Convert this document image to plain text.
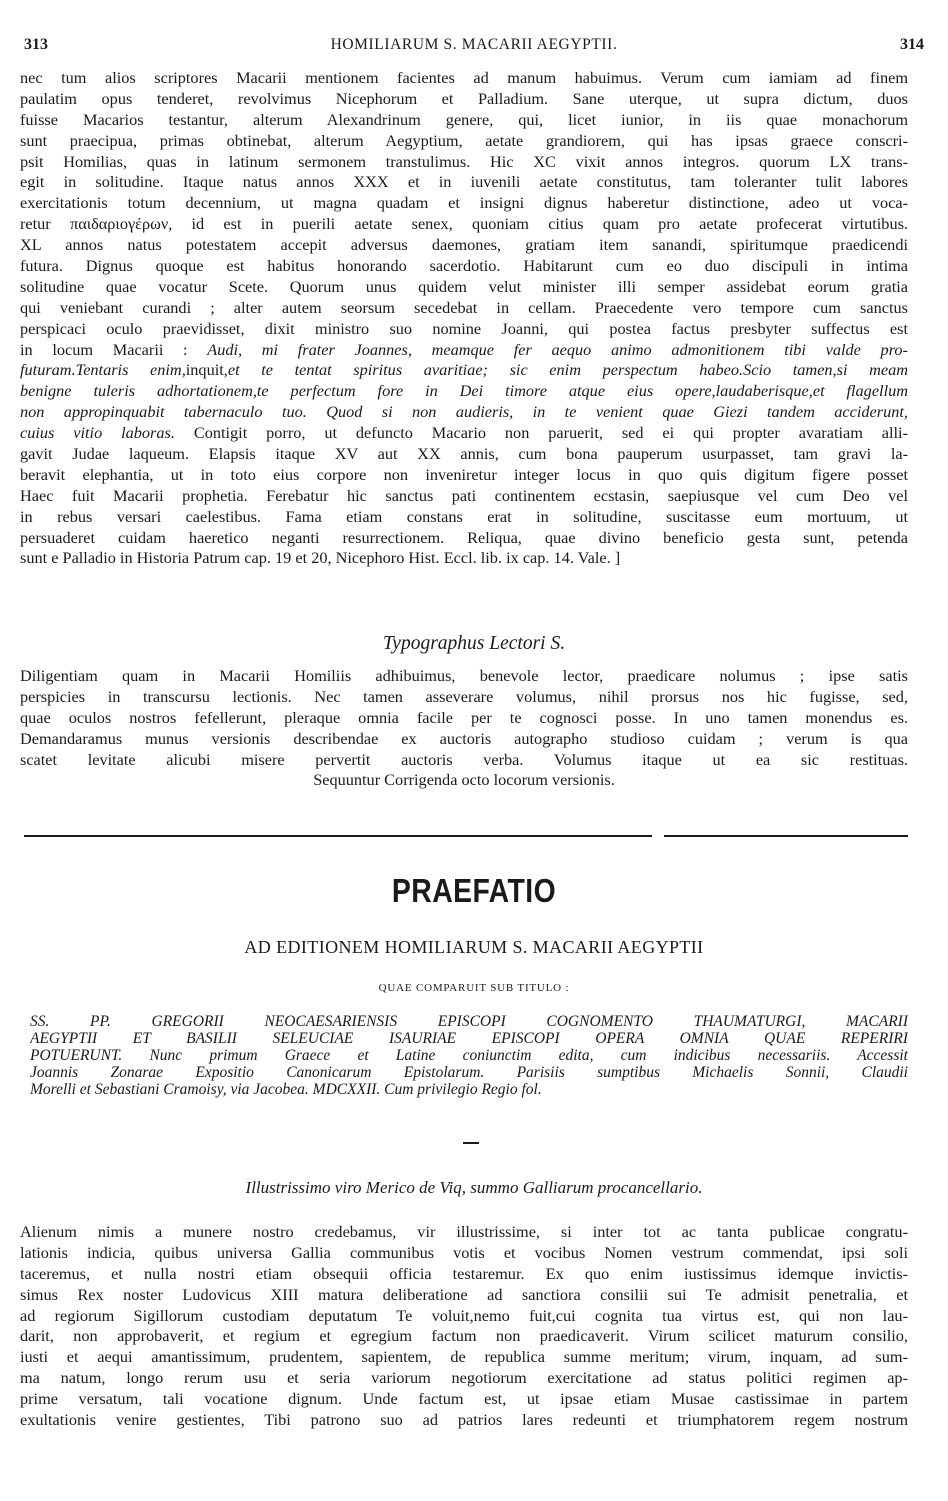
313	HOMILIARUM S. MACARII AEGYPTII.	314
nec tum alios scriptores Macarii mentionem facientes ad manum habuimus. Verum cum iamiam ad finem
paulatim opus tenderet, revolvimus Nicephorum et Palladium. Sane uterque, ut supra dictum, duos
fuisse Macarios testantur, alterum Alexandrinum genere, qui, licet iunior, in iis quae monachorum
sunt praecipua, primas obtinebat, alterum Aegyptium, aetate grandiorem, qui has ipsas graece conscri-
psit Homilias, quas in latinum sermonem transtulimus. Hic XC vixit annos integros. quorum LX trans-
egit in solitudine. Itaque natus annos XXX et in iuvenili aetate constitutus, tam toleranter tulit labores
exercitationis totum decennium, ut magna quadam et insigni dignus haberetur distinctione, adeo ut voca-
retur παιδαριογέρων, id est in puerili aetate senex, quoniam citius quam pro aetate profecerat virtutibus.
XL annos natus potestatem accepit adversus daemones, gratiam item sanandi, spiritumque praedicendi
futura. Dignus quoque est habitus honorando sacerdotio. Habitarunt cum eo duo discipuli in intima
solitudine quae vocatur Scete. Quorum unus quidem velut minister illi semper assidebat eorum gratia
qui veniebant curandi ; alter autem seorsum secedebat in cellam. Praecedente vero tempore cum sanctus
perspicaci oculo praevidisset, dixit ministro suo nomine Joanni, qui postea factus presbyter suffectus est
in locum Macarii : Audi, mi frater Joannes, meamque fer aequo animo admonitionem tibi valde pro-
futuram.Tentaris enim,inquit,et te tentat spiritus avaritiae; sic enim perspectum habeo.Scio tamen,si meam
benigne tuleris adhortationem,te perfectum fore in Dei timore atque eius opere,laudaberisque,et flagellum
non appropinquabit tabernaculo tuo. Quod si non audieris, in te venient quae Giezi tandem acciderunt,
cuius vitio laboras. Contigit porro, ut defuncto Macario non paruerit, sed ei qui propter avaratiam alli-
gavit Judae laqueum. Elapsis itaque XV aut XX annis, cum bona pauperum usurpasset, tam gravi la-
beravit elephantia, ut in toto eius corpore non inveniretur integer locus in quo quis digitum figere posset
Haec fuit Macarii prophetia. Ferebatur hic sanctus pati continentem ecstasin, saepiusque vel cum Deo vel
in rebus versari caelestibus. Fama etiam constans erat in solitudine, suscitasse eum mortuum, ut
persuaderet cuidam haeretico neganti resurrectionem. Reliqua, quae divino beneficio gesta sunt, petenda
sunt e Palladio in Historia Patrum cap. 19 et 20, Nicephoro Hist. Eccl. lib. ix cap. 14. Vale. ]
Typographus Lectori S.
Diligentiam quam in Macarii Homiliis adhibuimus, benevole lector, praedicare nolumus ; ipse satis
perspicies in transcursu lectionis. Nec tamen asseverare volumus, nihil prorsus nos hic fugisse, sed,
quae oculos nostros fefellerunt, pleraque omnia facile per te cognosci posse. In uno tamen monendus es.
Demandaramus munus versionis describendae ex auctoris autographo studioso cuidam ; verum is qua
scatet levitate alicubi misere pervertit auctoris verba. Volumus itaque ut ea sic restituas.
Sequuntur Corrigenda octo locorum versionis.
PRAEFATIO
AD EDITIONEM HOMILIARUM S. MACARII AEGYPTII
QUAE COMPARUIT SUB TITULO :
SS. PP. GREGORII NEOCAESARIENSIS EPISCOPI COGNOMENTO THAUMATURGI, MACARII
AEGYPTII ET BASILII SELEUCIAE ISAURIAE EPISCOPI OPERA OMNIA QUAE REPERIRI
POTUERUNT. Nunc primum Graece et Latine coniunctim edita, cum indicibus necessariis. Accessit
Joannis Zonarae Expositio Canonicarum Epistolarum. Parisiis sumptibus Michaelis Sonnii, Claudii
Morelli et Sebastiani Cramoisy, via Jacobea. MDCXXII. Cum privilegio Regio fol.
Illustrissimo viro Merico de Viq, summo Galliarum procancellario.
Alienum nimis a munere nostro credebamus, vir illustrissime, si inter tot ac tanta publicae congratu-
lationis indicia, quibus universa Gallia communibus votis et vocibus Nomen vestrum commendat, ipsi soli
taceremus, et nulla nostri etiam obsequii officia testaremur. Ex quo enim iustissimus idemque invictis-
simus Rex noster Ludovicus XIII matura deliberatione ad sanctiora consilii sui Te admisit penetralia, et
ad regiorum Sigillorum custodiam deputatum Te voluit,nemo fuit,cui cognita tua virtus est, qui non lau-
darit, non approbaverit, et regium et egregium factum non praedicaverit. Virum scilicet maturum consilio,
iusti et aequi amantissimum, prudentem, sapientem, de republica summe meritum; virum, inquam, ad sum-
ma natum, longo rerum usu et seria variorum negotiorum exercitatione ad status politici regimen ap-
prime versatum, tali vocatione dignum. Unde factum est, ut ipsae etiam Musae castissimae in partem
exultationis venire gestientes, Tibi patrono suo ad patrios lares redeunti et triumphatorem regem nostrum
